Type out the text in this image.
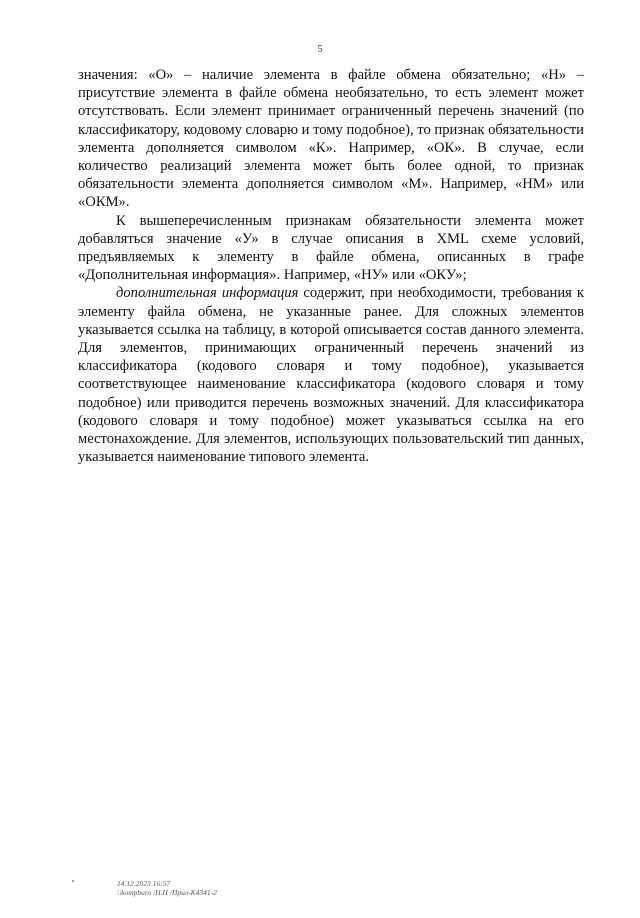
5

значения: «О» – наличие элемента в файле обмена обязательно; «Н» – присутствие элемента в файле обмена необязательно, то есть элемент может отсутствовать. Если элемент принимает ограниченный перечень значений (по классификатору, кодовому словарю и тому подобное), то признак обязательности элемента дополняется символом «К». Например, «ОК». В случае, если количество реализаций элемента может быть более одной, то признак обязательности элемента дополняется символом «М». Например, «НМ» или «ОКМ».

К вышеперечисленным признакам обязательности элемента может добавляться значение «У» в случае описания в XML схеме условий, предъявляемых к элементу в файле обмена, описанных в графе «Дополнительная информация». Например, «НУ» или «ОКУ»;

дополнительная информация содержит, при необходимости, требования к элементу файла обмена, не указанные ранее. Для сложных элементов указывается ссылка на таблицу, в которой описывается состав данного элемента. Для элементов, принимающих ограниченный перечень значений из классификатора (кодового словаря и тому подобное), указывается соответствующее наименование классификатора (кодового словаря и тому подобное) или приводится перечень возможных значений. Для классификатора (кодового словаря и тому подобное) может указываться ссылка на его местонахождение. Для элементов, использующих пользовательский тип данных, указывается наименование типового элемента.

14.12.2023 16:57
\\kompburo /Н.Н /Прил-К4341-2
